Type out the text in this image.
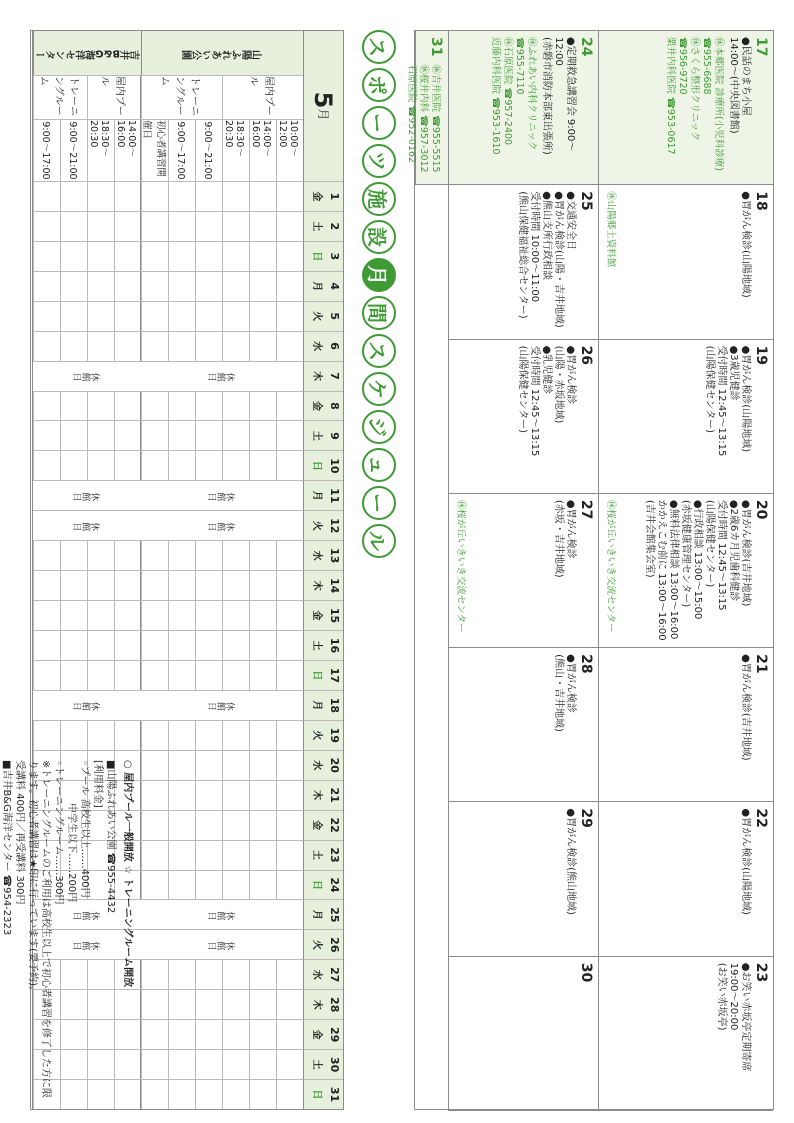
17
●民話のまち小屋
14:00～(中央図書館)
㊡本郷医院 診療所(小児科診療)
☎955-6688
㊡さくら整形クリニック
☎956-9720
栗井内科医院 ☎953-0617
18
●胃がん検診(山陽地域)
㊡山陽郷土資料館
19
●胃がん検診(山陽地域)
●3歳児健診
受付時間 12:45～13:15
(山陽保健センター)
20
●胃がん検診(吉井地域)
●2歳6カ月児歯科健診
受付時間 12:45～13:15
(山陽保健センター)
●行政相談 13:00～15:00
(赤坂健康管理センター)
●無料法律相談 13:00～16:00
かかえこむ前に 13:00～16:00
(吉井会館集会室)
㊡桜が丘いきいき交流センター
21
●胃がん検診(吉井地域)
22
●胃がん検診(山陽地域)
23
●お笑い赤坂亭定期寄席
19:00～20:00
(お笑い赤坂亭)
24
●定期救急講習会 9:00～12:00
(赤磐市消防本部東出張所)
㊡ふれあい内科クリニック ☎955-7110
㊡石原医院 ☎957-2400
近藤内科医院 ☎953-1610
25
●交通安全日
●胃がん検診(山陽・吉井地域)
●熊山支所行政相談
受付時間 10:00～11:00
(熊山保健福祉総合センター)
26
●胃がん検診
(山陽・赤坂地域)
●乳児健診
受付時間 12:45～13:15
(山陽保健センター)
27
●胃がん検診
(赤坂・吉井地域)
㊡桜が丘いきいき交流センター
28
●胃がん検診
(熊山・吉井地域)
29
●胃がん検診(熊山地域)
30
31
㊡吉井医院 ☎955-5515
㊡桜井内科 ☎957-3012
石原医院 ☎952-0162
ス
ポ
ー
ツ
施
設
月
間
ス
ケ
ジ
ュ
ー
ル
5
月
1
金
2
土
3
日
4
月
5
火
6
水
7
木
8
金
9
土
10
日
11
月
12
火
13
水
14
木
15
金
16
土
17
日
18
月
19
火
20
水
21
木
22
金
23
土
24
日
25
月
26
火
27
水
28
木
29
金
30
土
31
日
山陽ふれあい公園
屋内プール
10:00～12:00
14:00～16:00
18:30～20:30
トレーニングルーム
9:00～21:00
9:00～17:00
初心者講習開催日
休館日
休館日
休館日
休館日
休館日
休館日
吉井B&G海洋センター
屋内プール
14:00～16:00
18:30～20:30
トレーニングルーム
9:00～21:00
9:00～17:00
休館日
休館日
休館日
休館日
休館日
休館日	○ 屋内プール一般開放 ☆ トレーニングルーム開放
■山陽ふれあい公園 ☎955-4432
[利用料金]
◦プール 高校生以上……400円
　　　　 中学生以下……200円
◦トレーニングルーム……300円
※トレーニングルームのご利用は高校生以上で初心者講習を修了した方に限ります。初心者講習は★印に行っています(要予約)。
受講料 400円／再受講料 300円
■吉井B&G海洋センター ☎954-2323
